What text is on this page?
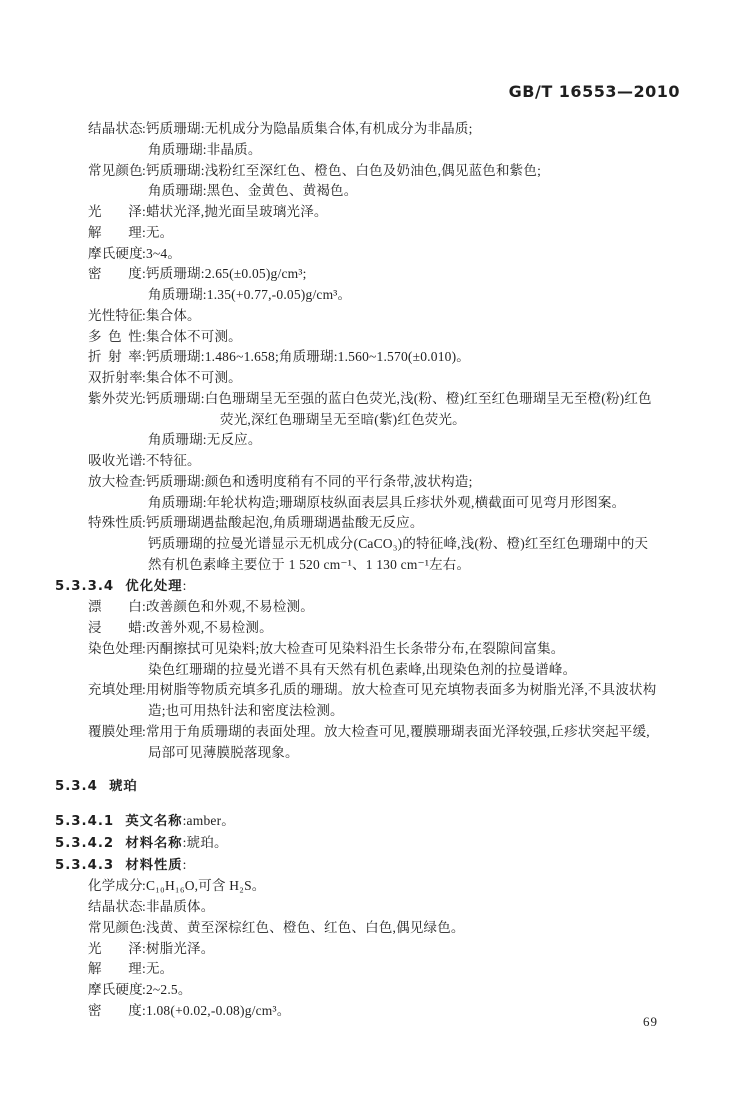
GB/T 16553—2010
结晶状态:钙质珊瑚:无机成分为隐晶质集合体,有机成分为非晶质;
角质珊瑚:非晶质。
常见颜色:钙质珊瑚:浅粉红至深红色、橙色、白色及奶油色,偶见蓝色和紫色;
角质珊瑚:黑色、金黄色、黄褐色。
光泽:蜡状光泽,抛光面呈玻璃光泽。
解理:无。
摩氏硬度:3~4。
密度:钙质珊瑚:2.65(±0.05)g/cm³;
角质珊瑚:1.35(+0.77,-0.05)g/cm³。
光性特征:集合体。
多色性:集合体不可测。
折射率:钙质珊瑚:1.486~1.658;角质珊瑚:1.560~1.570(±0.010)。
双折射率:集合体不可测。
紫外荧光:钙质珊瑚:白色珊瑚呈无至强的蓝白色荧光,浅(粉、橙)红至红色珊瑚呈无至橙(粉)红色
荧光,深红色珊瑚呈无至暗(紫)红色荧光。
角质珊瑚:无反应。
吸收光谱:不特征。
放大检查:钙质珊瑚:颜色和透明度稍有不同的平行条带,波状构造;
角质珊瑚:年轮状构造;珊瑚原枝纵面表层具丘疹状外观,横截面可见弯月形图案。
特殊性质:钙质珊瑚遇盐酸起泡,角质珊瑚遇盐酸无反应。
钙质珊瑚的拉曼光谱显示无机成分(CaCO₃)的特征峰,浅(粉、橙)红至红色珊瑚中的天
然有机色素峰主要位于 1 520 cm⁻¹、1 130 cm⁻¹左右。
5.3.3.4  优化处理:
漂白:改善颜色和外观,不易检测。
浸蜡:改善外观,不易检测。
染色处理:丙酮擦拭可见染料;放大检查可见染料沿生长条带分布,在裂隙间富集。
染色红珊瑚的拉曼光谱不具有天然有机色素峰,出现染色剂的拉曼谱峰。
充填处理:用树脂等物质充填多孔质的珊瑚。放大检查可见充填物表面多为树脂光泽,不具波状构
造;也可用热针法和密度法检测。
覆膜处理:常用于角质珊瑚的表面处理。放大检查可见,覆膜珊瑚表面光泽较强,丘疹状突起平缓,
局部可见薄膜脱落现象。
5.3.4  琥珀
5.3.4.1  英文名称:amber。
5.3.4.2  材料名称:琥珀。
5.3.4.3  材料性质:
化学成分:C₁₀H₁₆O,可含 H₂S。
结晶状态:非晶质体。
常见颜色:浅黄、黄至深棕红色、橙色、红色、白色,偶见绿色。
光泽:树脂光泽。
解理:无。
摩氏硬度:2~2.5。
密度:1.08(+0.02,-0.08)g/cm³。
69
